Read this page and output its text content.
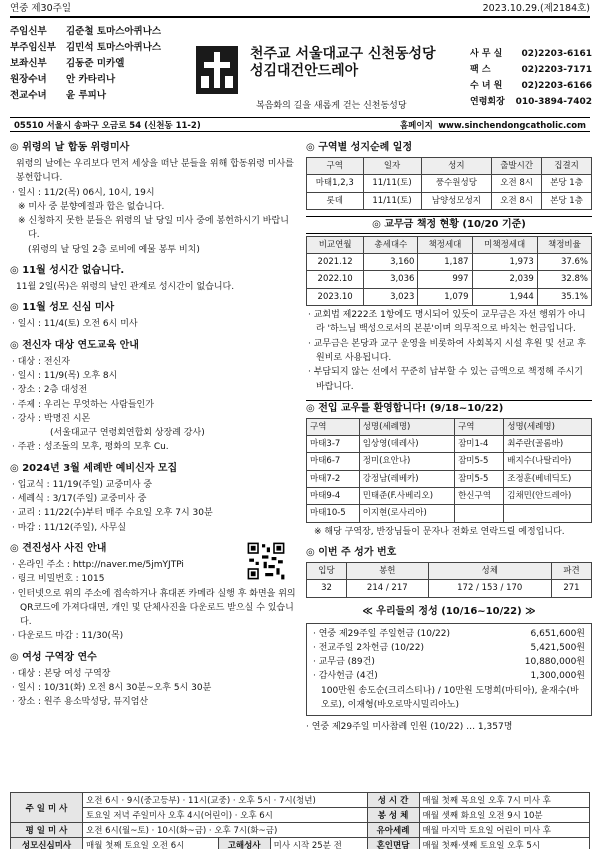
연중 제30주일	2023.10.29.(제2184호)
주임신부	김준철 토마스아퀴나스
부주임신부	김민석 토마스아퀴나스
보좌신부	김동준 미카엘
원장수녀	안 카타리나
전교수녀	윤 루피나
천주교 서울대교구 신천동성당
성김대건안드레아
사 무 실 02)2203-6161
팩 스	02)2203-7171
수 녀 원 02)2203-6166
연령회장 010-3894-7402
복음화의 길을 새롭게 걷는 신천동성당
05510 서울시 송파구 오금로 54 (신천동 11-2)	홈페이지 www.sinchendongcatholic.com
◎ 위령의 날 합동 위령미사
위령의 날에는 우리보다 먼저 세상을 떠난 분들을 위해 합동위령 미사를 봉헌합니다.
· 일시 : 11/2(목) 06시, 10시, 19시
※ 미사 중 분향예절과 합은 없습니다.
※ 신청하지 못한 분들은 위령의 날 당일 미사 중에 봉헌하시기 바랍니다.
(위령의 날 당일 2층 로비에 예물 봉투 비치)
◎ 11월 성시간 없습니다.
11월 2일(목)은 위령의 날인 관계로 성시간이 없습니다.
◎ 11월 성모 신심 미사
· 일시 : 11/4(토) 오전 6시 미사
◎ 전신자 대상 연도교육 안내
· 대상 : 전신자
· 일시 : 11/9(목) 오후 8시
· 장소 : 2층 대성전
· 주제 : 우리는 무엇하는 사람들인가
· 강사 : 박명진 시몬
(서울대교구 연령회연합회 상장례 강사)
· 주관 : 성조돌의 모후, 평화의 모후 Cu.
◎ 2024년 3월 세례반 예비신자 모집
· 입교식 : 11/19(주일) 교중미사 중
· 세례식 : 3/17(주일) 교중미사 중
· 교리 : 11/22(수)부터 매주 수요일 오후 7시 30분
· 마감 : 11/12(주일), 사무실
◎ 견진성사 사진 안내
· 온라인 주소 : http://naver.me/5jmYJTPi
· 링크 비밀번호 : 1015
· 인터넷으로 위의 주소에 접속하거나 휴대폰 카메라 실행 후 화면을 위의 QR코드에 가져다대면, 개인 및 단체사진을 다운로드 받으실 수 있습니다.
· 다운로드 마감 : 11/30(목)
◎ 여성 구역장 연수
· 대상 : 본당 여성 구역장
· 일시 : 10/31(화) 오전 8시 30분~오후 5시 30분
· 장소 : 원주 용소막성당, 뮤지엄산
◎ 구역별 성지순례 일정
구역	일자	성지	출발시간	집결지
마태1,2,3	11/11(토)	풍수원성당	오전 8시	본당 1층
롯데	11/11(토)	남양성모성지	오전 8시	본당 1층
◎ 교무금 책정 현황 (10/20 기준)
비교연월	총세대수	책정세대	미책정세대	책정비율
2021.12	3,160	1,187	1,973	37.6%
2022.10	3,036	997	2,039	32.8%
2023.10	3,023	1,079	1,944	35.1%
· 교회법 제222조 1항에도 명시되어 있듯이 교무금은 자선 행위가 아니라 '하느님 백성으로서의 본분'이며 의무적으로 바치는 헌금입니다.
· 교무금은 본당과 교구 운영을 비롯하여 사회복지 시설 후원 및 선교 후원비로 사용됩니다.
· 부담되지 않는 선에서 꾸준히 납부할 수 있는 금액으로 책정해 주시기 바랍니다.
◎ 전입 교우를 환영합니다! (9/18~10/22)
구역	성명(세례명)	구역	성명(세례명)
마태3-7	임상영(데레사)	잠미1-4	최주란(골롬바)
마태6-7	정미(요안나)	잠미5-5	배지수(나탈리아)
마태7-2	강정남(레베카)	잠미5-5	조정훈(베네딕도)
마태9-4	민태준(F.사베리오)	한신구역	김채민(안드레아)
마태10-5	이지현(로사리아)		
※ 해당 구역장, 반장님들이 문자나 전화로 연락드릴 예정입니다.
◎ 이번 주 성가 번호
입당	봉헌	성체	파견
32	214 / 217	172 / 153 / 170	271
≪ 우리들의 정성 (10/16~10/22) ≫
· 연중 제29주일 주일헌금 (10/22)	6,651,600원
· 전교주일 2차헌금 (10/22)	5,421,500원
· 교무금 (89건)	10,880,000원
· 감사헌금 (4건)	1,300,000원
100만원 송도순(크리스티나) / 10만원 도명희(마티아), 윤재수(바오로), 이재형(바오로막시밀리아노)
· 연중 제29주일 미사참례 인원 (10/22) … 1,357명
주 일 미 사	오전 6시 · 9시(중고등부) · 11시(교중) · 오후 5시 · 7시(청년)			성 시 간	매월 첫째 목요일 오후 7시 미사 후
	토요일 저녁 주일미사 오후 4시(어린이) · 오후 6시			봉 성 체	매월 셋째 화요일 오전 9시 10분
평 일 미 사	오전 6시(월~토) · 10시(화~금) · 오후 7시(화~금)			유아세례	매월 마지막 토요일 어린이 미사 후
성모신심미사	매월 첫째 토요일 오전 6시	고해성사	미사 시작 25분 전	혼인면담	매월 첫째·셋째 토요일 오후 5시
